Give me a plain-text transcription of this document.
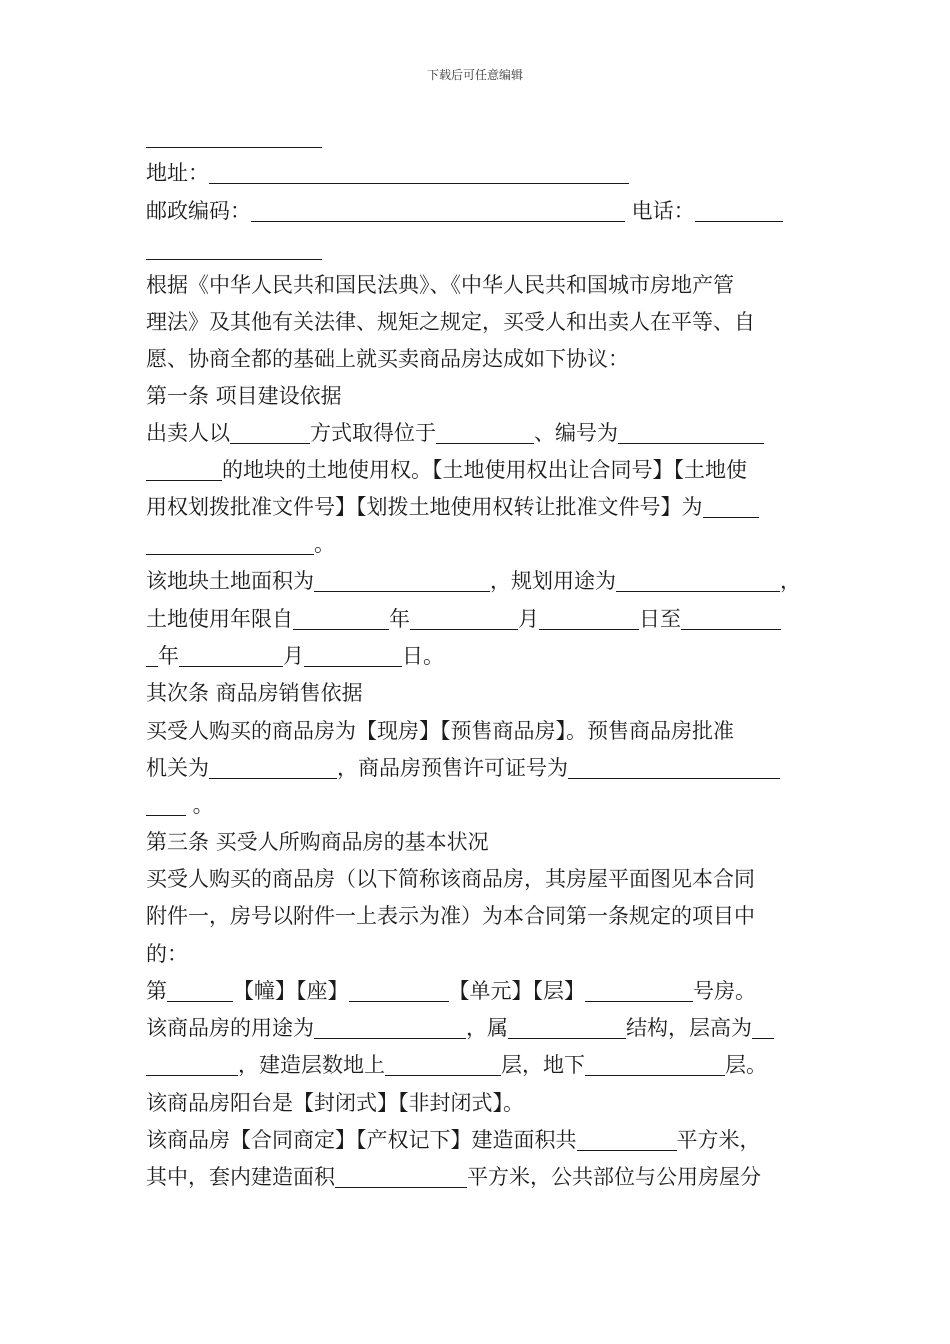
下载后可任意编辑
地址：
邮政编码：	电话：
根据《中华人民共和国民法典》、《中华人民共和国城市房地产管
理法》及其他有关法律、规矩之规定，买受人和出卖人在平等、自
愿、协商全都的基础上就买卖商品房达成如下协议：
第一条 项目建设依据
出卖人以	方式取得位于	、编号为
的地块的土地使用权。【土地使用权出让合同号】【土地使
用权划拨批准文件号】【划拨土地使用权转让批准文件号】为
。
该地块土地面积为	，规划用途为	，
土地使用年限自	年	月	日至
年	月	日。
其次条 商品房销售依据
买受人购买的商品房为【现房】【预售商品房】。预售商品房批准
机关为	，商品房预售许可证号为
。
第三条 买受人所购商品房的基本状况
买受人购买的商品房（以下简称该商品房，其房屋平面图见本合同
附件一，房号以附件一上表示为准）为本合同第一条规定的项目中
的：
第	【幢】【座】	【单元】【层】	号房。
该商品房的用途为	，属	结构，层高为
，建造层数地上	层，地下	层。
该商品房阳台是【封闭式】【非封闭式】。
该商品房【合同商定】【产权记下】建造面积共	平方米，
其中，套内建造面积	平方米，公共部位与公用房屋分
